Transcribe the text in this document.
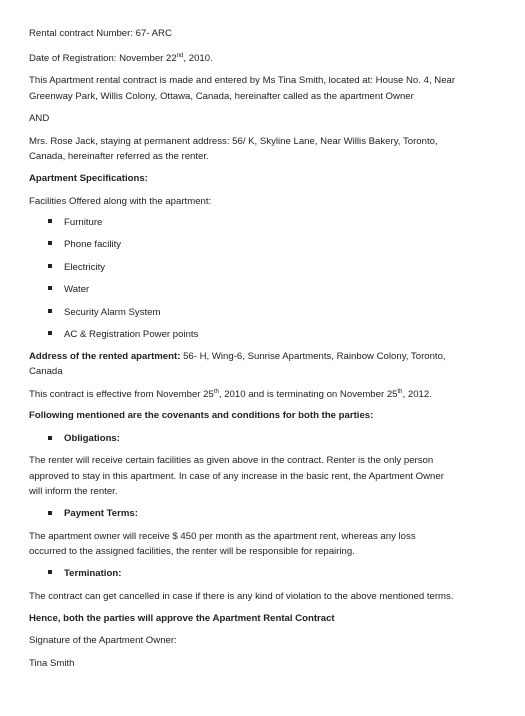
Rental contract Number: 67- ARC

Date of Registration: November 22nd, 2010.

This Apartment rental contract is made and entered by Ms Tina Smith, located at: House No. 4, Near

Greenway Park, Willis Colony, Ottawa, Canada, hereinafter called as the apartment Owner

AND

Mrs. Rose Jack, staying at permanent address: 56/ K, Skyline Lane, Near Willis Bakery, Toronto,

Canada, hereinafter referred as the renter.

Apartment Specifications:

Facilities Offered along with the apartment:

Furniture

Phone facility

Electricity

Water

Security Alarm System

AC & Registration Power points

Address of the rented apartment: 56- H, Wing-6, Sunrise Apartments, Rainbow Colony, Toronto,

Canada

This contract is effective from November 25th, 2010 and is terminating on November 25th, 2012.

Following mentioned are the covenants and conditions for both the parties:

Obligations:

The renter will receive certain facilities as given above in the contract. Renter is the only person

approved to stay in this apartment. In case of any increase in the basic rent, the Apartment Owner

will inform the renter.

Payment Terms:

The apartment owner will receive $ 450 per month as the apartment rent, whereas any loss

occurred to the assigned facilities, the renter will be responsible for repairing.

Termination:

The contract can get cancelled in case if there is any kind of violation to the above mentioned terms.

Hence, both the parties will approve the Apartment Rental Contract

Signature of the Apartment Owner:

Tina Smith
